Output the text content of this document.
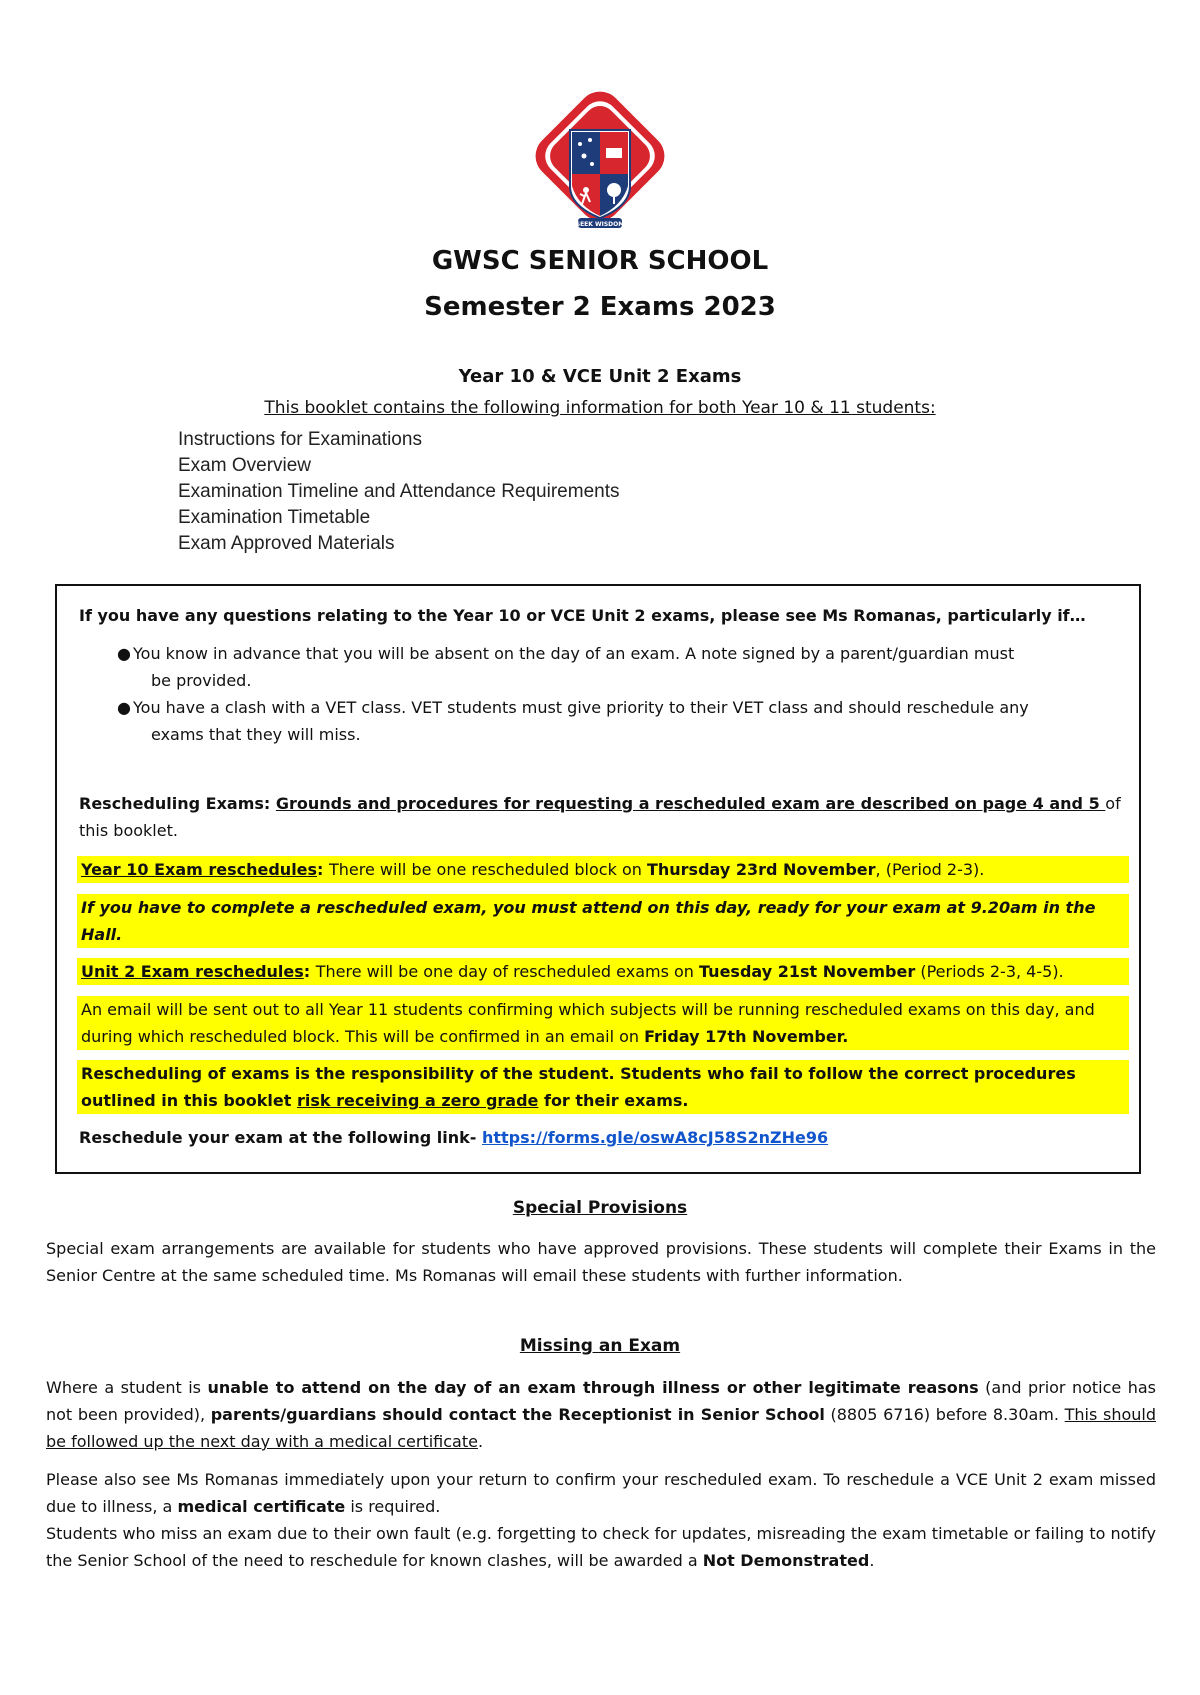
SEEK WISDOM
GWSC SENIOR SCHOOL
Semester 2 Exams 2023
Year 10 & VCE Unit 2 Exams
This booklet contains the following information for both Year 10 & 11 students:
Instructions for Examinations
Exam Overview
Examination Timeline and Attendance Requirements
Examination Timetable
Exam Approved Materials
If you have any questions relating to the Year 10 or VCE Unit 2 exams, please see Ms Romanas, particularly if…
● You know in advance that you will be absent on the day of an exam. A note signed by a parent/guardian must
be provided.
● You have a clash with a VET class. VET students must give priority to their VET class and should reschedule any
exams that they will miss.
Rescheduling Exams: Grounds and procedures for requesting a rescheduled exam are described on page 4 and 5 of this booklet.
Year 10 Exam reschedules: There will be one rescheduled block on Thursday 23rd November, (Period 2-3).
If you have to complete a rescheduled exam, you must attend on this day, ready for your exam at 9.20am in the Hall.
Unit 2 Exam reschedules: There will be one day of rescheduled exams on Tuesday 21st November (Periods 2-3, 4-5).
An email will be sent out to all Year 11 students confirming which subjects will be running rescheduled exams on this day, and during which rescheduled block. This will be confirmed in an email on Friday 17th November.
Rescheduling of exams is the responsibility of the student. Students who fail to follow the correct procedures outlined in this booklet risk receiving a zero grade for their exams.
Reschedule your exam at the following link- https://forms.gle/oswA8cJ58S2nZHe96
Special Provisions
Special exam arrangements are available for students who have approved provisions. These students will complete their Exams in the Senior Centre at the same scheduled time. Ms Romanas will email these students with further information.
Missing an Exam
Where a student is unable to attend on the day of an exam through illness or other legitimate reasons (and prior notice has not been provided), parents/guardians should contact the Receptionist in Senior School (8805 6716) before 8.30am. This should be followed up the next day with a medical certificate.
Please also see Ms Romanas immediately upon your return to confirm your rescheduled exam. To reschedule a VCE Unit 2 exam missed due to illness, a medical certificate is required.
Students who miss an exam due to their own fault (e.g. forgetting to check for updates, misreading the exam timetable or failing to notify the Senior School of the need to reschedule for known clashes, will be awarded a Not Demonstrated.
